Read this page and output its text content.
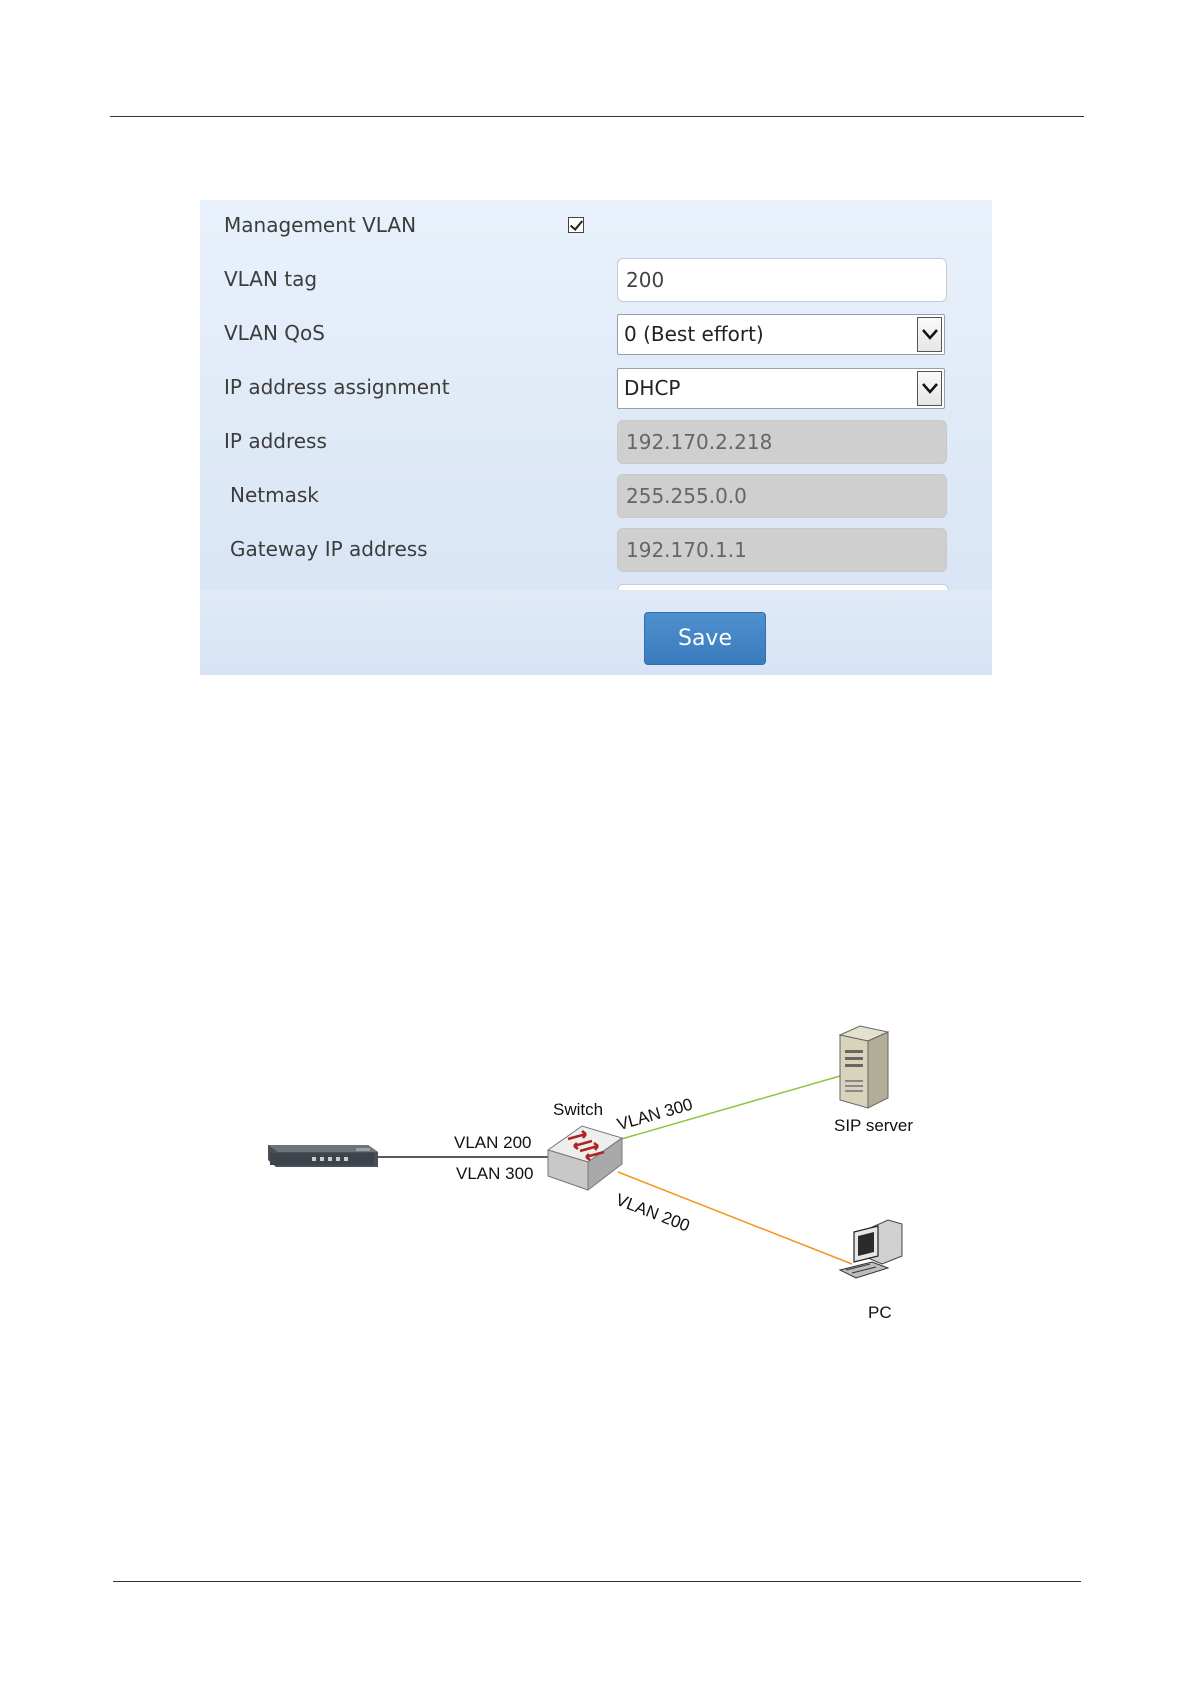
Management VLAN
VLAN tag	200
VLAN QoS	0 (Best effort)
IP address assignment	DHCP
IP address	192.170.2.218
Netmask	255.255.0.0
Gateway IP address	192.170.1.1
Save
Switch
VLAN 200
VLAN 300
VLAN 300
VLAN 200
SIP server
PC
